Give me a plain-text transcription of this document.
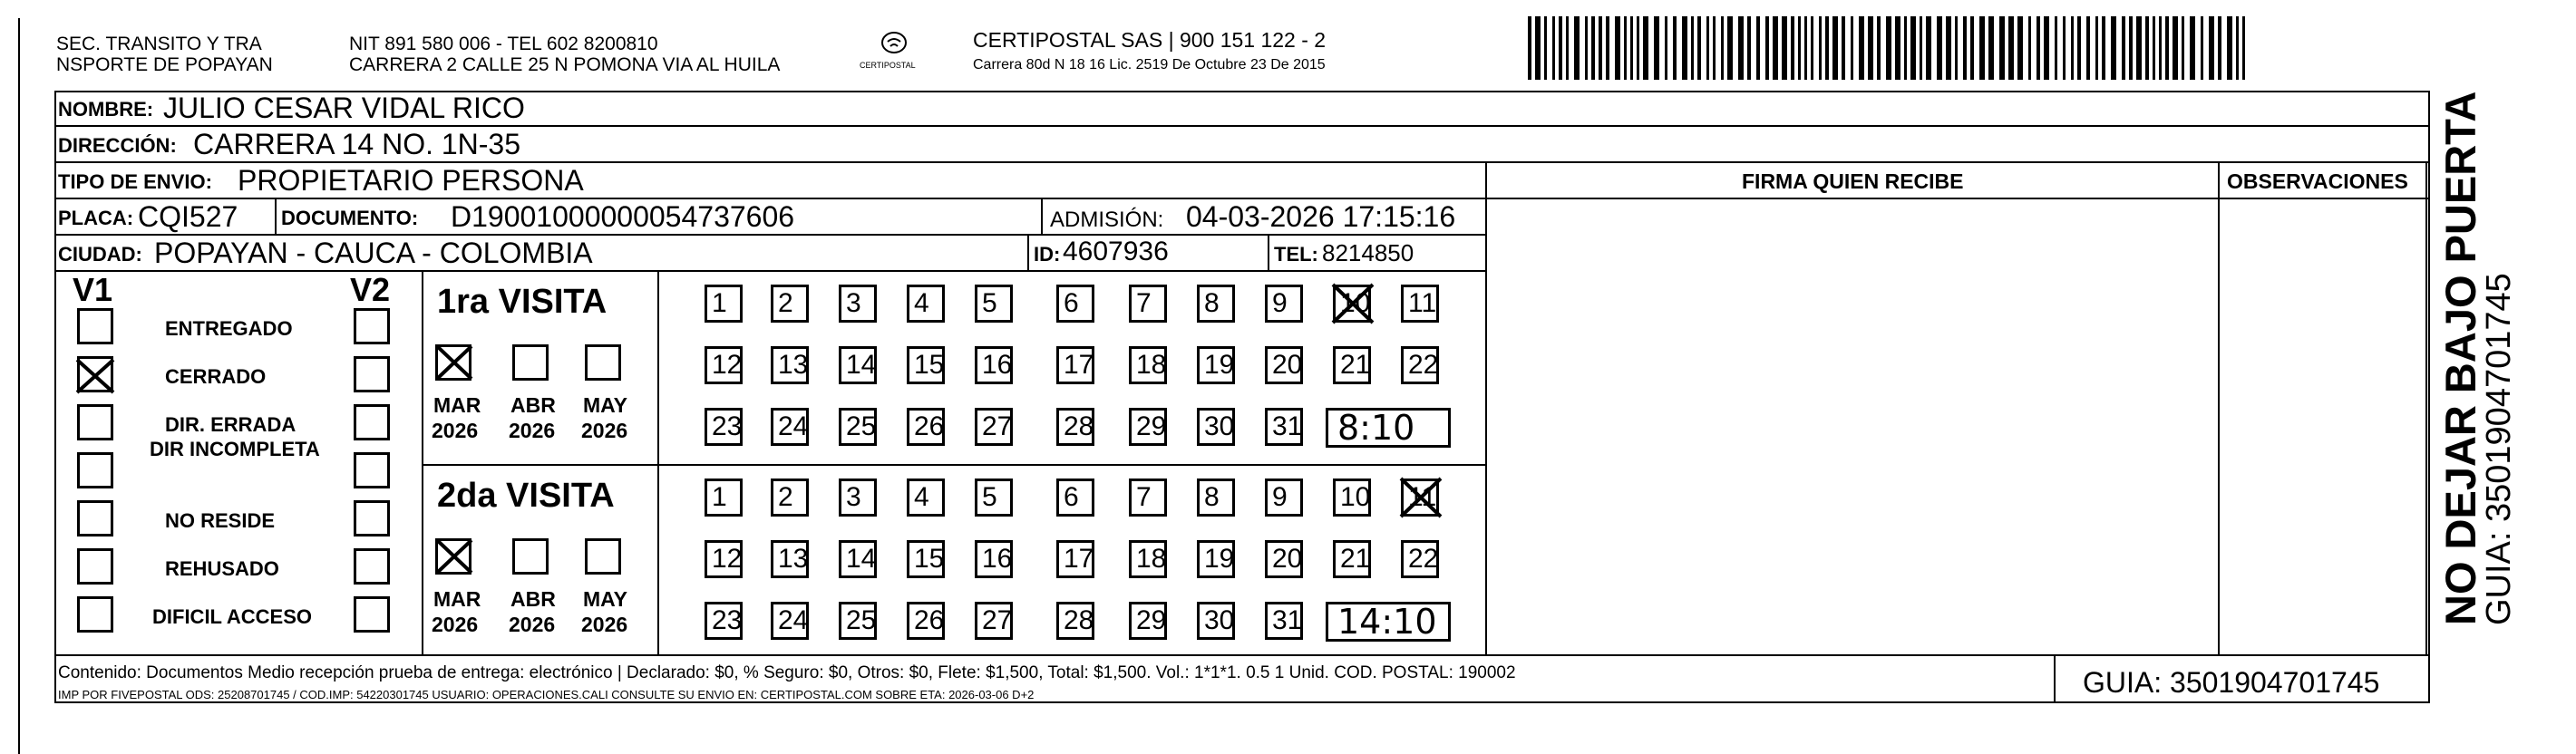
SEC. TRANSITO Y TRA
NSPORTE DE POPAYAN
NIT 891 580 006 - TEL 602 8200810
CARRERA 2 CALLE 25 N POMONA VIA AL HUILA	CERTIPOSTAL
CERTIPOSTAL SAS | 900 151 122 - 2
Carrera 80d N 18 16 Lic. 2519 De Octubre 23 De 2015
NOMBRE: JULIO CESAR VIDAL RICO
DIRECCIÓN: CARRERA 14 NO. 1N-35
TIPO DE ENVIO: PROPIETARIO PERSONA	FIRMA QUIEN RECIBE	OBSERVACIONES
PLACA: CQI527 DOCUMENTO: D19001000000054737606	ADMISIÓN: 04-03-2026 17:15:16
CIUDAD: POPAYAN - CAUCA - COLOMBIA	ID: 4607936	TEL: 8214850
V1	V2
ENTREGADO
CERRADO
DIR. ERRADA
DIR INCOMPLETA
NO RESIDE
REHUSADO
DIFICIL ACCESO
1ra VISITA
MAR
2026
ABR
2026
MAY
2026
1	2	3	4	5	6	7	8	9	10 11
12 13 14 15 16 17 18 19 20 21 22
23 24 25 26 27 28 29 30 31 8:10
2da VISITA
MAR
2026
ABR
2026
MAY
2026
1	2	3	4	5	6	7	8	9	10 11
12 13 14 15 16 17 18 19 20 21 22
23 24 25 26 27 28 29 30 31 14:10
Contenido: Documentos Medio recepción prueba de entrega: electrónico | Declarado: $0, % Seguro: $0, Otros: $0, Flete: $1,500, Total: $1,500. Vol.: 1*1*1. 0.5 1 Unid. COD. POSTAL: 190002
IMP POR FIVEPOSTAL ODS: 25208701745 / COD.IMP: 54220301745 USUARIO: OPERACIONES.CALI CONSULTE SU ENVIO EN: CERTIPOSTAL.COM SOBRE ETA: 2026-03-06 D+2	GUIA: 3501904701745
NO DEJAR BAJO PUERTA
GUIA: 3501904701745
